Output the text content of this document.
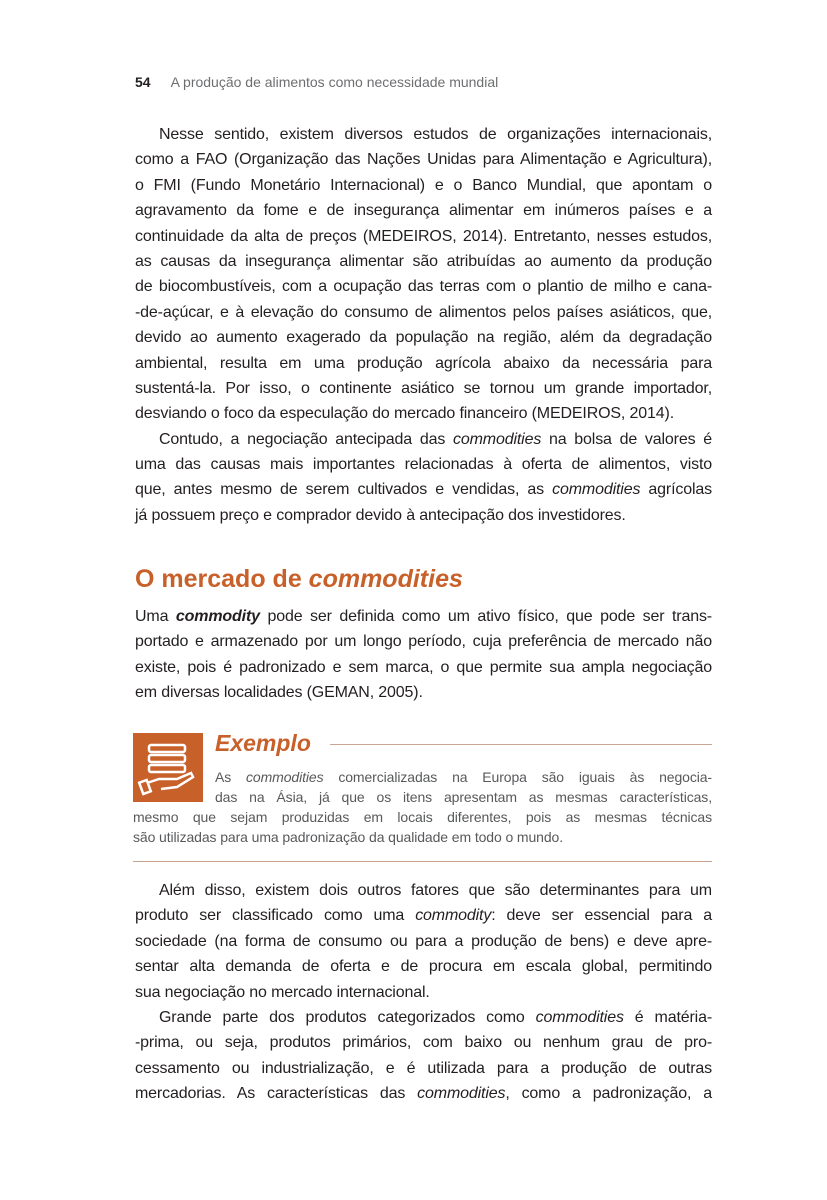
54 A produção de alimentos como necessidade mundial
Nesse sentido, existem diversos estudos de organizações internacionais,
como a FAO (Organização das Nações Unidas para Alimentação e Agricultura),
o FMI (Fundo Monetário Internacional) e o Banco Mundial, que apontam o
agravamento da fome e de insegurança alimentar em inúmeros países e a
continuidade da alta de preços (MEDEIROS, 2014). Entretanto, nesses estudos,
as causas da insegurança alimentar são atribuídas ao aumento da produção
de biocombustíveis, com a ocupação das terras com o plantio de milho e cana-
-de-açúcar, e à elevação do consumo de alimentos pelos países asiáticos, que,
devido ao aumento exagerado da população na região, além da degradação
ambiental, resulta em uma produção agrícola abaixo da necessária para
sustentá-la. Por isso, o continente asiático se tornou um grande importador,
desviando o foco da especulação do mercado financeiro (MEDEIROS, 2014).
Contudo, a negociação antecipada das commodities na bolsa de valores é
uma das causas mais importantes relacionadas à oferta de alimentos, visto
que, antes mesmo de serem cultivados e vendidas, as commodities agrícolas
já possuem preço e comprador devido à antecipação dos investidores.
O mercado de commodities
Uma commodity pode ser definida como um ativo físico, que pode ser trans-
portado e armazenado por um longo período, cuja preferência de mercado não
existe, pois é padronizado e sem marca, o que permite sua ampla negociação
em diversas localidades (GEMAN, 2005).
Exemplo
As commodities comercializadas na Europa são iguais às negocia-
das na Ásia, já que os itens apresentam as mesmas características,
mesmo que sejam produzidas em locais diferentes, pois as mesmas técnicas
são utilizadas para uma padronização da qualidade em todo o mundo.
Além disso, existem dois outros fatores que são determinantes para um
produto ser classificado como uma commodity: deve ser essencial para a
sociedade (na forma de consumo ou para a produção de bens) e deve apre-
sentar alta demanda de oferta e de procura em escala global, permitindo
sua negociação no mercado internacional.
Grande parte dos produtos categorizados como commodities é matéria-
-prima, ou seja, produtos primários, com baixo ou nenhum grau de pro-
cessamento ou industrialização, e é utilizada para a produção de outras
mercadorias. As características das commodities, como a padronização, a
